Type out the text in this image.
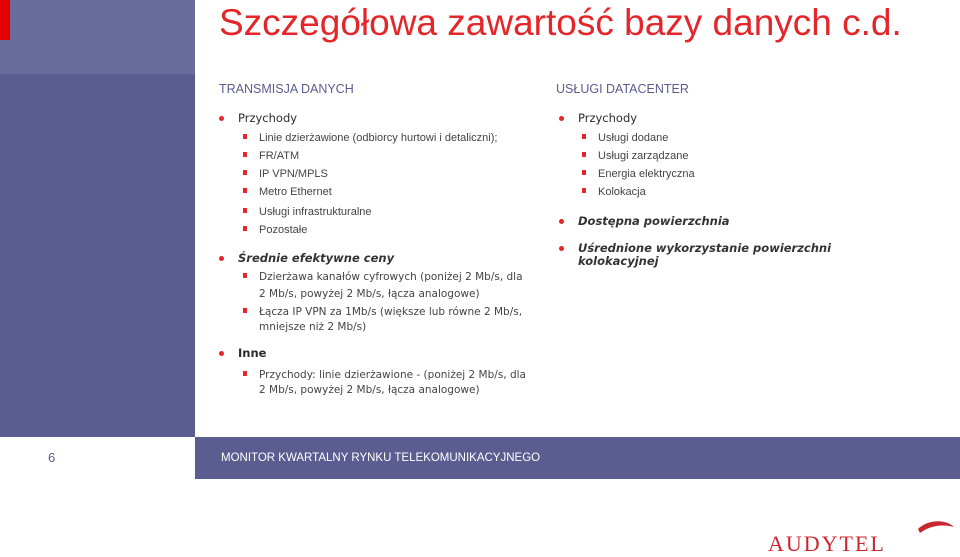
Szczegółowa zawartość bazy danych c.d.
TRANSMISJA DANYCH	USŁUGI DATACENTER
Przychody
Linie dzierżawione (odbiorcy hurtowi i detaliczni);
FR/ATM
IP VPN/MPLS
Metro Ethernet
Usługi infrastrukturalne
Pozostałe
Średnie efektywne ceny
Dzierżawa kanałów cyfrowych (poniżej 2 Mb/s, dla
2 Mb/s, powyżej 2 Mb/s, łącza analogowe)
Łącza IP VPN za 1Mb/s (większe lub równe 2 Mb/s,
mniejsze niż 2 Mb/s)
Inne
Przychody: linie dzierżawione - (poniżej 2 Mb/s, dla
2 Mb/s, powyżej 2 Mb/s, łącza analogowe)
Przychody
Usługi dodane
Usługi zarządzane
Energia elektryczna
Kolokacja
Dostępna powierzchnia
Uśrednione wykorzystanie powierzchni
kolokacyjnej
6	MONITOR KWARTALNY RYNKU TELEKOMUNIKACYJNEGO
AUDYTEL
